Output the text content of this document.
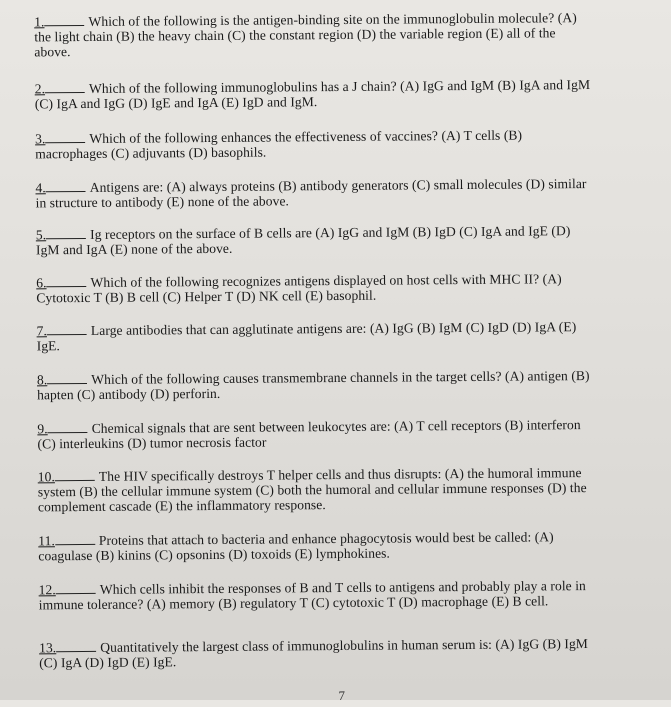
1.	Which of the following is the antigen-binding site on the immunoglobulin molecule? (A) the light chain (B) the heavy chain (C) the constant region (D) the variable region (E) all of the above.
2.	Which of the following immunoglobulins has a J chain? (A) IgG and IgM (B) IgA and IgM (C) IgA and IgG (D) IgE and IgA (E) IgD and IgM.
3.	Which of the following enhances the effectiveness of vaccines? (A) T cells (B) macrophages (C) adjuvants (D) basophils.
4.	Antigens are: (A) always proteins (B) antibody generators (C) small molecules (D) similar in structure to antibody (E) none of the above.
5.	Ig receptors on the surface of B cells are (A) IgG and IgM (B) IgD (C) IgA and IgE (D) IgM and IgA (E) none of the above.
6.	Which of the following recognizes antigens displayed on host cells with MHC II? (A) Cytotoxic T (B) B cell (C) Helper T (D) NK cell (E) basophil.
7.	Large antibodies that can agglutinate antigens are: (A) IgG (B) IgM (C) IgD (D) IgA (E) IgE.
8.	Which of the following causes transmembrane channels in the target cells? (A) antigen (B) hapten (C) antibody (D) perforin.
9.	Chemical signals that are sent between leukocytes are: (A) T cell receptors (B) interferon (C) interleukins (D) tumor necrosis factor
10.	The HIV specifically destroys T helper cells and thus disrupts: (A) the humoral immune system (B) the cellular immune system (C) both the humoral and cellular immune responses (D) the complement cascade (E) the inflammatory response.
11.	Proteins that attach to bacteria and enhance phagocytosis would best be called: (A) coagulase (B) kinins (C) opsonins (D) toxoids (E) lymphokines.
12.	Which cells inhibit the responses of B and T cells to antigens and probably play a role in immune tolerance? (A) memory (B) regulatory T (C) cytotoxic T (D) macrophage (E) B cell.
13.	Quantitatively the largest class of immunoglobulins in human serum is: (A) IgG (B) IgM (C) IgA (D) IgD (E) IgE.
7
